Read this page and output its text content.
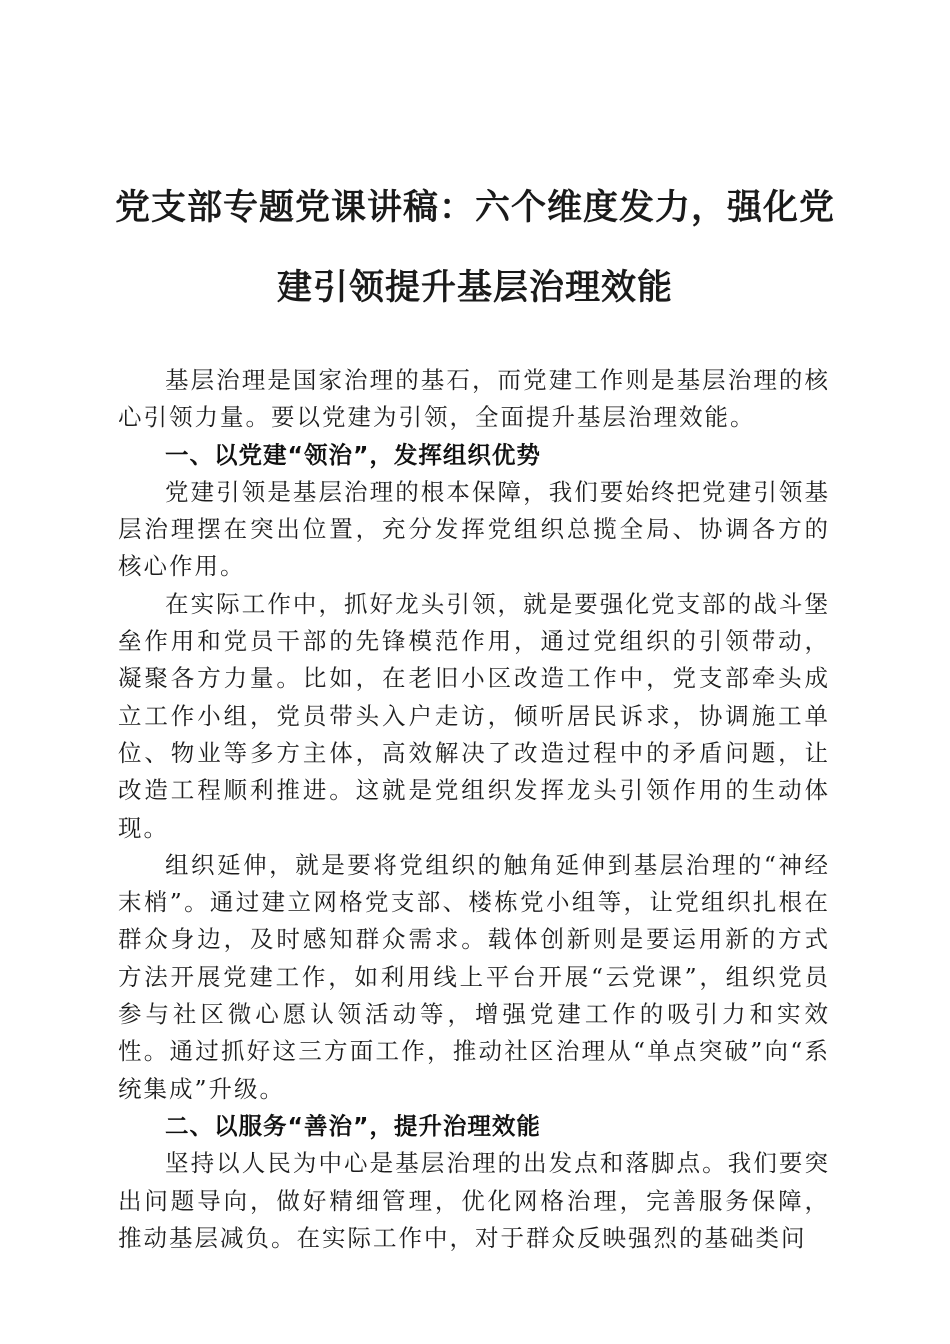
党支部专题党课讲稿：六个维度发力，强化党
建引领提升基层治理效能

基层治理是国家治理的基石，而党建工作则是基层治理的核心引领力量。要以党建为引领，全面提升基层治理效能。

一、以党建“领治”，发挥组织优势

党建引领是基层治理的根本保障，我们要始终把党建引领基层治理摆在突出位置，充分发挥党组织总揽全局、协调各方的核心作用。

在实际工作中，抓好龙头引领，就是要强化党支部的战斗堡垒作用和党员干部的先锋模范作用，通过党组织的引领带动，凝聚各方力量。比如，在老旧小区改造工作中，党支部牵头成立工作小组，党员带头入户走访，倾听居民诉求，协调施工单位、物业等多方主体，高效解决了改造过程中的矛盾问题，让改造工程顺利推进。这就是党组织发挥龙头引领作用的生动体现。

组织延伸，就是要将党组织的触角延伸到基层治理的“神经末梢”。通过建立网格党支部、楼栋党小组等，让党组织扎根在群众身边，及时感知群众需求。载体创新则是要运用新的方式方法开展党建工作，如利用线上平台开展“云党课”，组织党员参与社区微心愿认领活动等，增强党建工作的吸引力和实效性。通过抓好这三方面工作，推动社区治理从“单点突破”向“系统集成”升级。

二、以服务“善治”，提升治理效能

坚持以人民为中心是基层治理的出发点和落脚点。我们要突出问题导向，做好精细管理，优化网格治理，完善服务保障，推动基层减负。在实际工作中，对于群众反映强烈的基础类问
